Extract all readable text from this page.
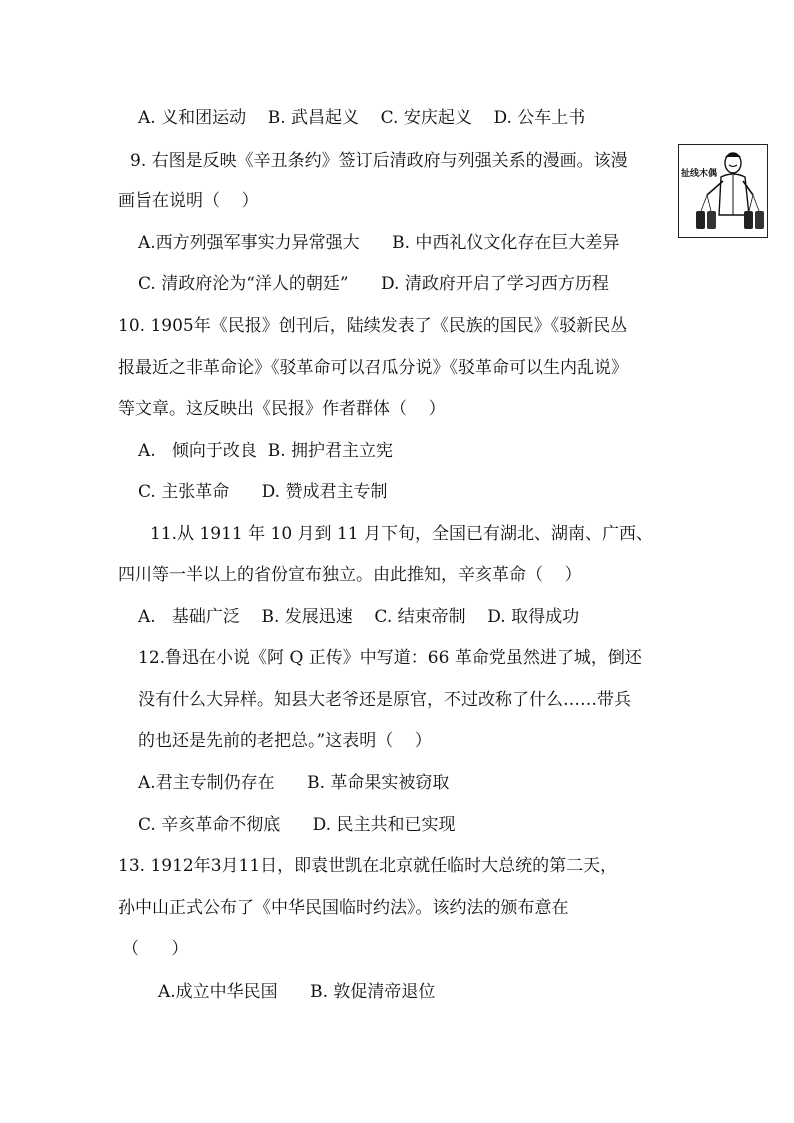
A. 义和团运动    B. 武昌起义    C. 安庆起义    D. 公车上书
9. 右图是反映《辛丑条约》签订后清政府与列强关系的漫画。该漫
画旨在说明（    ）
A.西方列强军事实力异常强大      B. 中西礼仪文化存在巨大差异
C. 清政府沦为“洋人的朝廷”      D. 清政府开启了学习西方历程
扯线木偶
10. 1905年《民报》创刊后，陆续发表了《民族的国民》《驳新民丛
报最近之非革命论》《驳革命可以召瓜分说》《驳革命可以生内乱说》
等文章。这反映出《民报》作者群体（    ）
A.   倾向于改良  B. 拥护君主立宪
C. 主张革命      D. 赞成君主专制
11.从 1911 年 10 月到 11 月下旬，全国已有湖北、湖南、广西、
四川等一半以上的省份宣布独立。由此推知，辛亥革命（    ）
A.   基础广泛    B. 发展迅速    C. 结束帝制    D. 取得成功
12.鲁迅在小说《阿 Q 正传》中写道：66 革命党虽然进了城，倒还
没有什么大异样。知县大老爷还是原官，不过改称了什么……带兵
的也还是先前的老把总。”这表明（    ）
A.君主专制仍存在      B. 革命果实被窃取
C. 辛亥革命不彻底      D. 民主共和已实现
13. 1912年3月11日，即袁世凯在北京就任临时大总统的第二天，
孙中山正式公布了《中华民国临时约法》。该约法的颁布意在
（      ）
A.成立中华民国      B. 敦促清帝退位
